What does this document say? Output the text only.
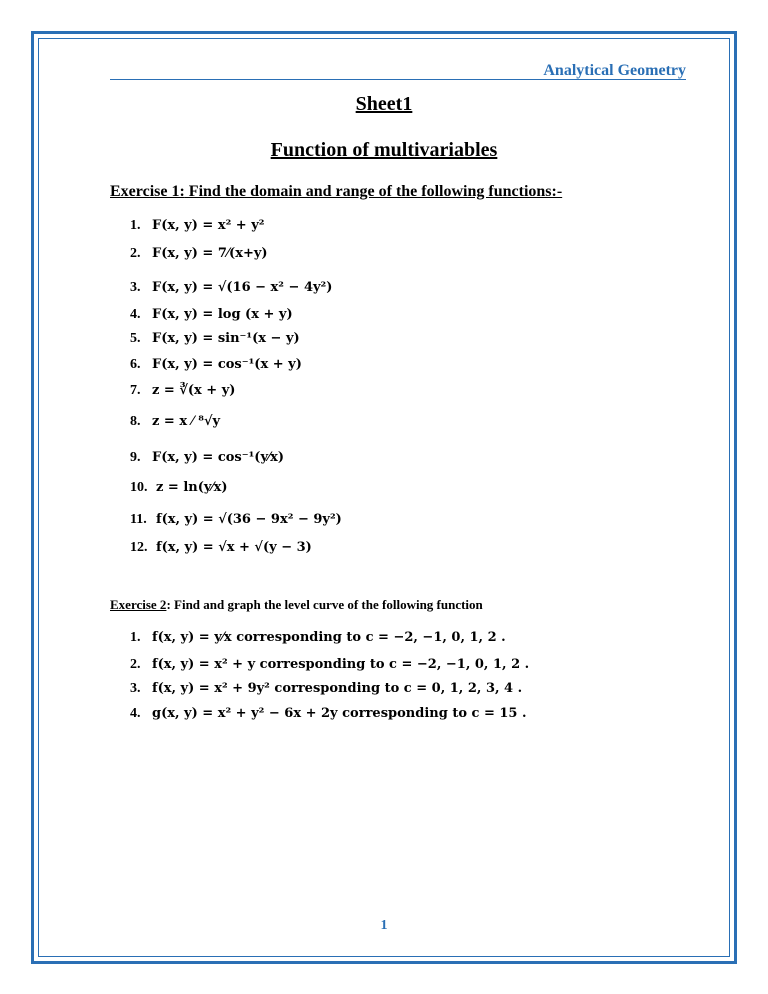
Analytical Geometry
Sheet1
Function of multivariables
Exercise 1: Find the domain and range of the following functions:-
1. F(x, y) = x² + y²
2. F(x, y) = 7⁄(x+y)
3. F(x, y) = √(16 − x² − 4y²)
4. F(x, y) = log (x + y)
5. F(x, y) = sin⁻¹(x − y)
6. F(x, y) = cos⁻¹(x + y)
7. z = ∛(x + y)
8. z = x ⁄ ⁸√y
9. F(x, y) = cos⁻¹(y⁄x)
10. z = ln(y⁄x)
11. f(x, y) = √(36 − 9x² − 9y²)
12. f(x, y) = √x + √(y − 3)
Exercise 2: Find and graph the level curve of the following function
1. f(x, y) = y⁄x corresponding to c = −2, −1, 0, 1, 2 .
2. f(x, y) = x² + y corresponding to c = −2, −1, 0, 1, 2 .
3. f(x, y) = x² + 9y² corresponding to c = 0, 1, 2, 3, 4 .
4. g(x, y) = x² + y² − 6x + 2y corresponding to c = 15 .
1
